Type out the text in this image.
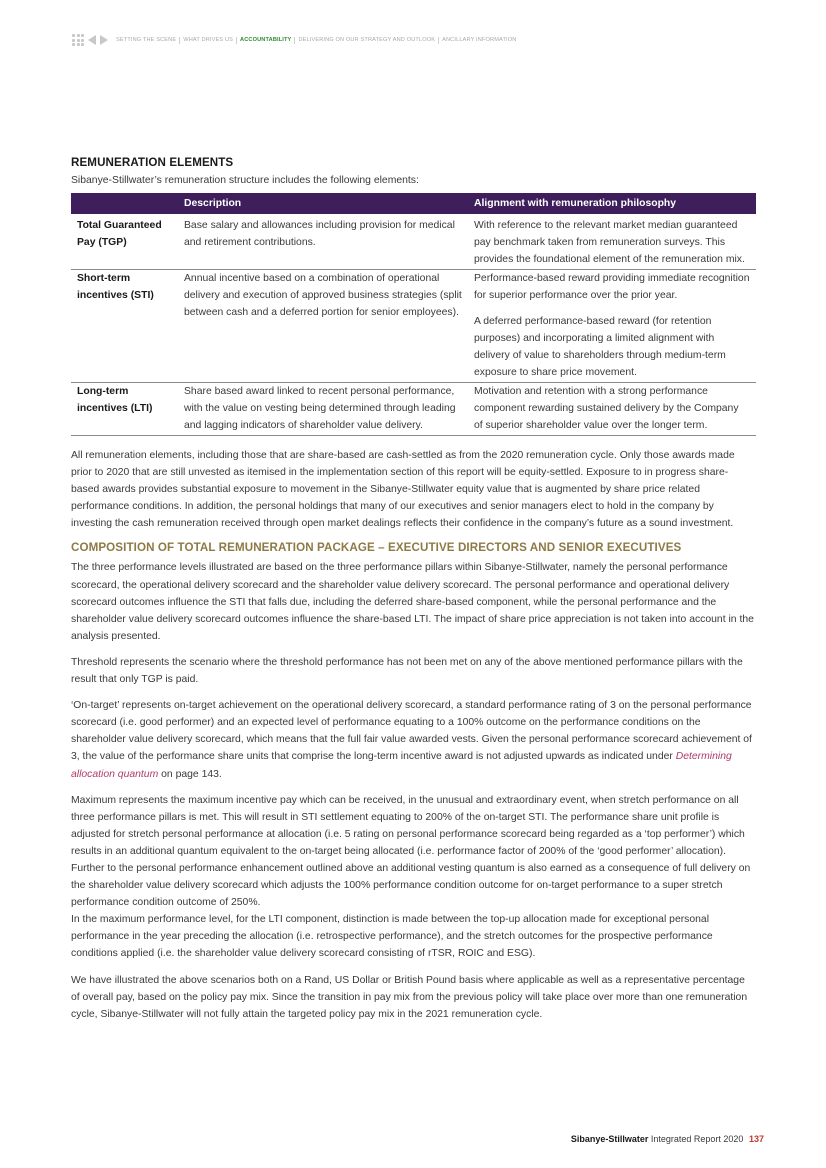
SETTING THE SCENE WHAT DRIVES US ACCOUNTABILITY DELIVERING ON OUR STRATEGY AND OUTLOOK ANCILLARY INFORMATION
REMUNERATION ELEMENTS

Sibanye-Stillwater’s remuneration structure includes the following elements:

	Description	Alignment with remuneration philosophy
Total Guaranteed Pay (TGP)	Base salary and allowances including provision for medical and retirement contributions.	With reference to the relevant market median guaranteed pay benchmark taken from remuneration surveys. This provides the foundational element of the remuneration mix.

Short-term incentives (STI)	Annual incentive based on a combination of operational delivery and execution of approved business strategies (split between cash and a deferred portion for senior employees).	Performance-based reward providing immediate recognition for superior performance over the prior year.

A deferred performance-based reward (for retention purposes) and incorporating a limited alignment with delivery of value to shareholders through medium-term exposure to share price movement.

Long-term incentives (LTI)	Share based award linked to recent personal performance, with the value on vesting being determined through leading and lagging indicators of shareholder value delivery.	Motivation and retention with a strong performance component rewarding sustained delivery by the Company of superior shareholder value over the longer term.

All remuneration elements, including those that are share-based are cash-settled as from the 2020 remuneration cycle. Only those awards made prior to 2020 that are still unvested as itemised in the implementation section of this report will be equity-settled. Exposure to in progress share-based awards provides substantial exposure to movement in the Sibanye-Stillwater equity value that is augmented by share price related performance conditions. In addition, the personal holdings that many of our executives and senior managers elect to hold in the company by investing the cash remuneration received through open market dealings reflects their confidence in the company’s future as a sound investment.

COMPOSITION OF TOTAL REMUNERATION PACKAGE – EXECUTIVE DIRECTORS AND SENIOR EXECUTIVES

The three performance levels illustrated are based on the three performance pillars within Sibanye-Stillwater, namely the personal performance scorecard, the operational delivery scorecard and the shareholder value delivery scorecard. The personal performance and operational delivery scorecard outcomes influence the STI that falls due, including the deferred share-based component, while the personal performance and the shareholder value delivery scorecard outcomes influence the share-based LTI. The impact of share price appreciation is not taken into account in the analysis presented.

Threshold represents the scenario where the threshold performance has not been met on any of the above mentioned performance pillars with the result that only TGP is paid.

‘On-target’ represents on-target achievement on the operational delivery scorecard, a standard performance rating of 3 on the personal performance scorecard (i.e. good performer) and an expected level of performance equating to a 100% outcome on the performance conditions on the shareholder value delivery scorecard, which means that the full fair value awarded vests. Given the personal performance scorecard achievement of 3, the value of the performance share units that comprise the long-term incentive award is not adjusted upwards as indicated under Determining allocation quantum on page 143.

Maximum represents the maximum incentive pay which can be received, in the unusual and extraordinary event, when stretch performance on all three performance pillars is met. This will result in STI settlement equating to 200% of the on-target STI. The performance share unit profile is adjusted for stretch personal performance at allocation (i.e. 5 rating on personal performance scorecard being regarded as a ‘top performer’) which results in an additional quantum equivalent to the on-target being allocated (i.e. performance factor of 200% of the ‘good performer’ allocation). Further to the personal performance enhancement outlined above an additional vesting quantum is also earned as a consequence of full delivery on the shareholder value delivery scorecard which adjusts the 100% performance condition outcome for on-target performance to a super stretch performance condition outcome of 250%.

In the maximum performance level, for the LTI component, distinction is made between the top-up allocation made for exceptional personal performance in the year preceding the allocation (i.e. retrospective performance), and the stretch outcomes for the prospective performance conditions applied (i.e. the shareholder value delivery scorecard consisting of rTSR, ROIC and ESG).

We have illustrated the above scenarios both on a Rand, US Dollar or British Pound basis where applicable as well as a representative percentage of overall pay, based on the policy pay mix. Since the transition in pay mix from the previous policy will take place over more than one remuneration cycle, Sibanye-Stillwater will not fully attain the targeted policy pay mix in the 2021 remuneration cycle.

Sibanye-Stillwater Integrated Report 2020 137
